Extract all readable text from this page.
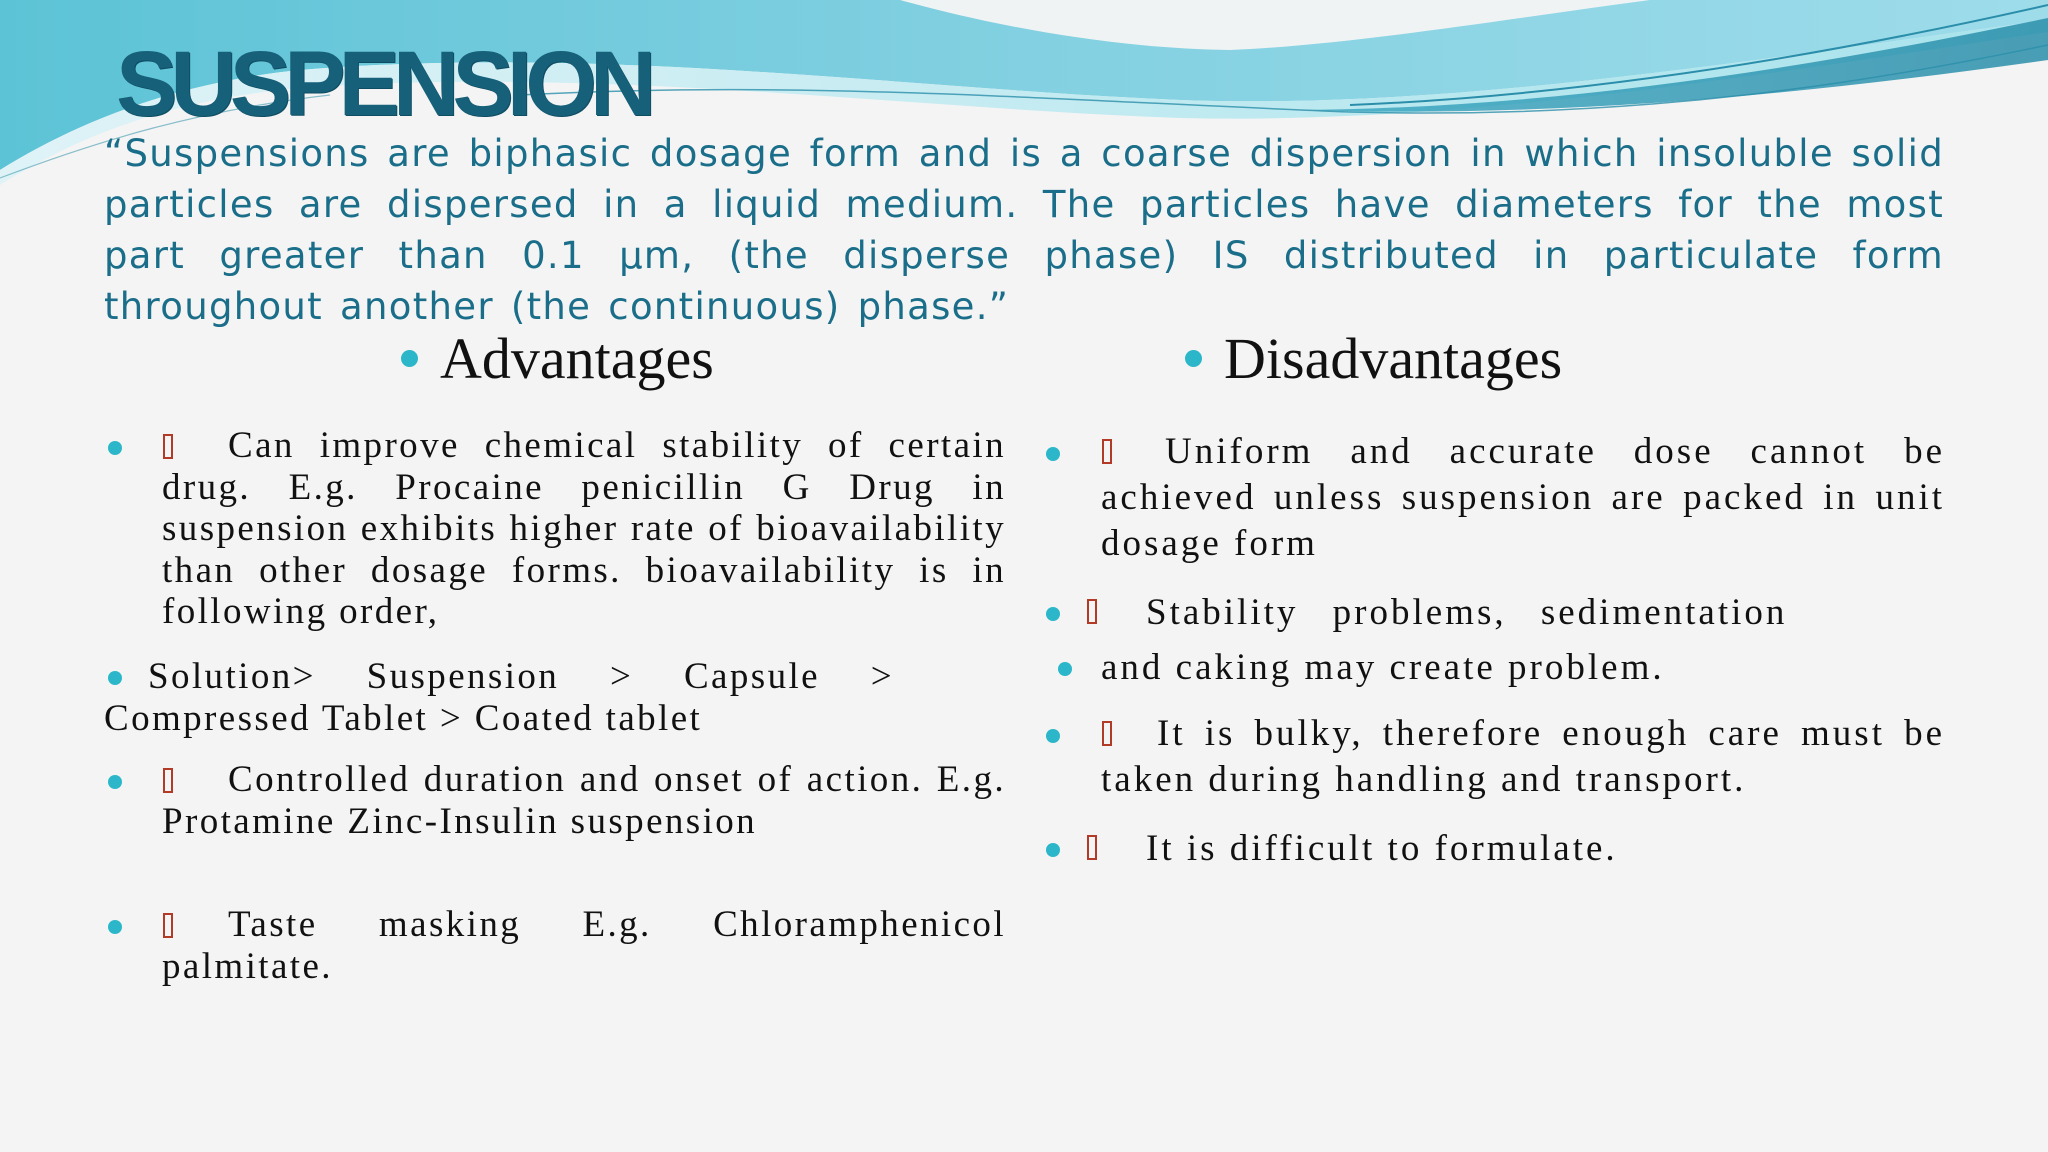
SUSPENSION
“Suspensions are biphasic dosage form and is a coarse dispersion in which insoluble solid particles are dispersed in a liquid medium. The particles have diameters for the most part greater than 0.1 µm, (the disperse phase) IS distributed in particulate form throughout another (the continuous) phase.”
Advantages	Disadvantages
Can improve chemical stability of certain drug. E.g. Procaine penicillin G Drug in suspension exhibits higher rate of bioavailability than other dosage forms. bioavailability is in following order,
Solution> Suspension > Capsule > Compressed Tablet > Coated tablet
Controlled duration and onset of action. E.g. Protamine Zinc-Insulin suspension
Taste masking E.g. Chloramphenicol palmitate.
Uniform and accurate dose cannot be achieved unless suspension are packed in unit dosage form
Stability problems, sedimentation
and caking may create problem.
It is bulky, therefore enough care must be taken during handling and transport.
It is difficult to formulate.
